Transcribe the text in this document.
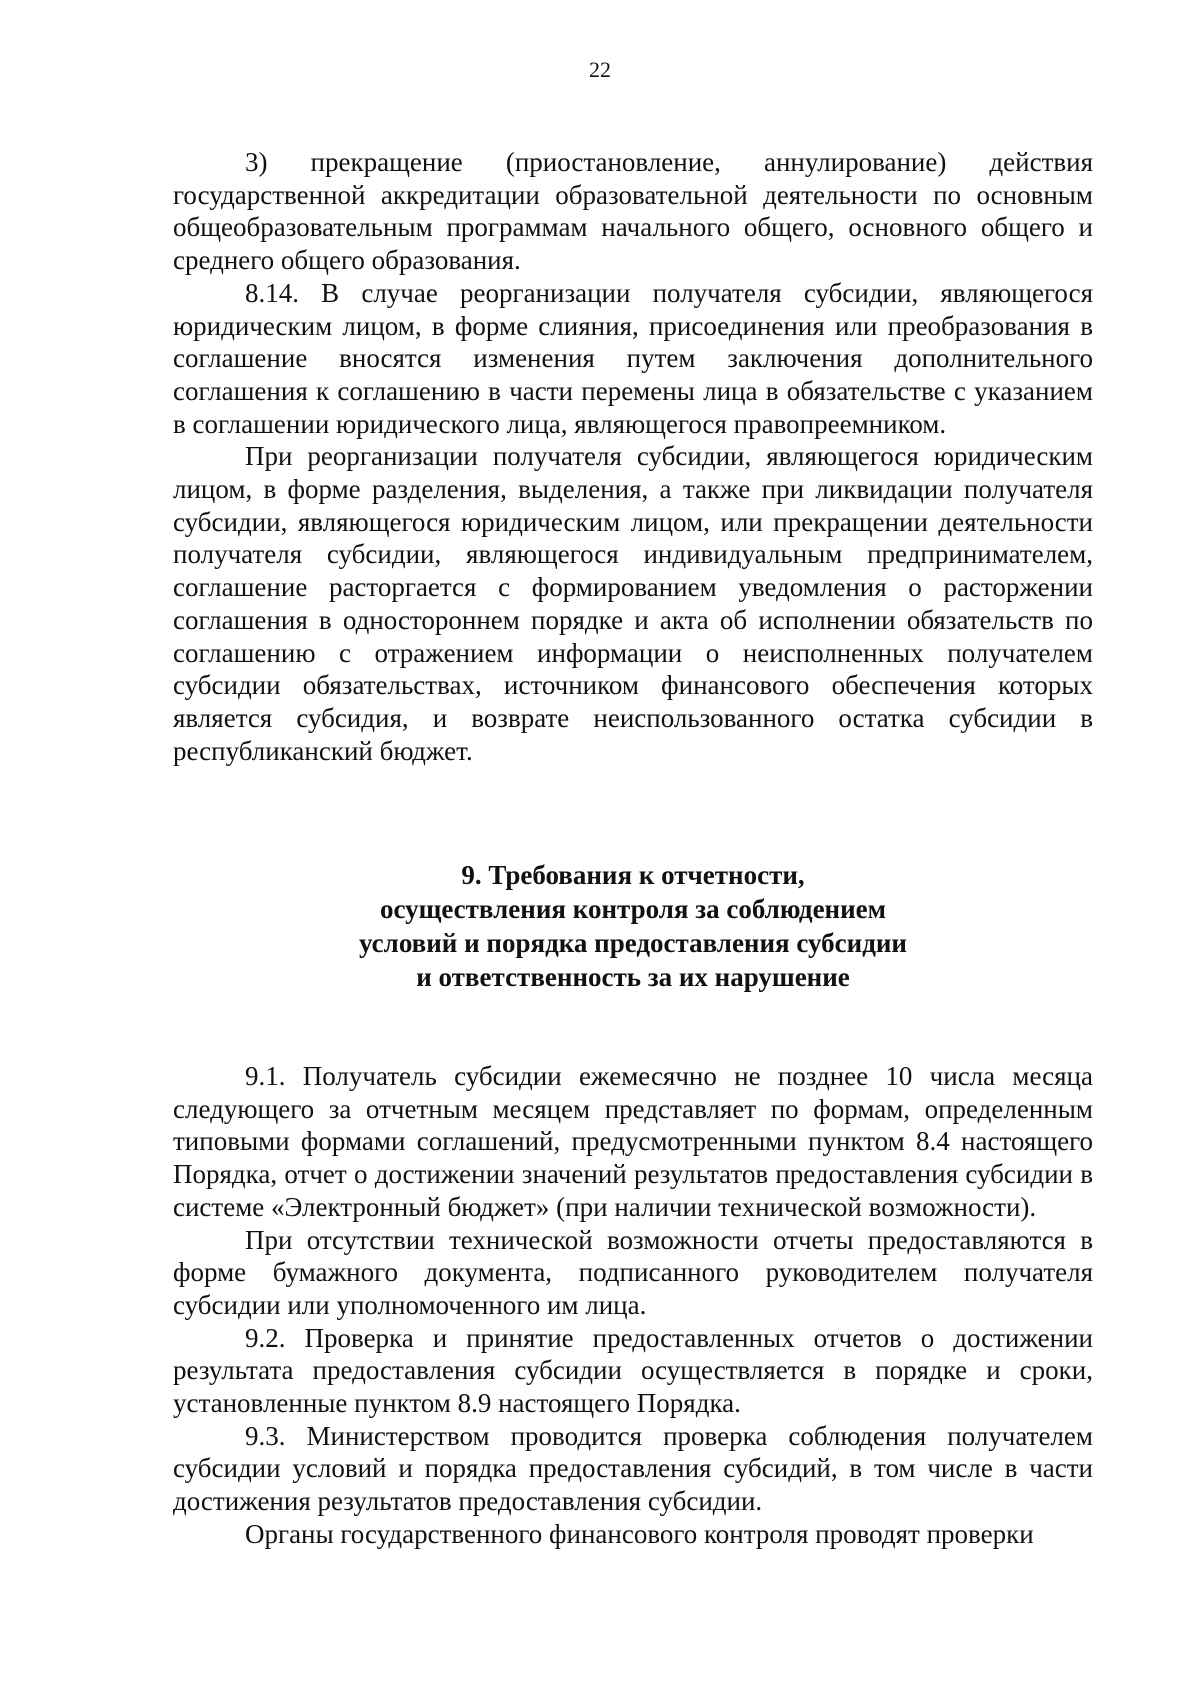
22

3) прекращение (приостановление, аннулирование) действия государственной аккредитации образовательной деятельности по основным общеобразовательным программам начального общего, основного общего и среднего общего образования.

8.14. В случае реорганизации получателя субсидии, являющегося юридическим лицом, в форме слияния, присоединения или преобразования в соглашение вносятся изменения путем заключения дополнительного соглашения к соглашению в части перемены лица в обязательстве с указанием в соглашении юридического лица, являющегося правопреемником.

При реорганизации получателя субсидии, являющегося юридическим лицом, в форме разделения, выделения, а также при ликвидации получателя субсидии, являющегося юридическим лицом, или прекращении деятельности получателя субсидии, являющегося индивидуальным предпринимателем, соглашение расторгается с формированием уведомления о расторжении соглашения в одностороннем порядке и акта об исполнении обязательств по соглашению с отражением информации о неисполненных получателем субсидии обязательствах, источником финансового обеспечения которых является субсидия, и возврате неиспользованного остатка субсидии в республиканский бюджет.

9. Требования к отчетности,
осуществления контроля за соблюдением
условий и порядка предоставления субсидии
и ответственность за их нарушение

9.1. Получатель субсидии ежемесячно не позднее 10 числа месяца следующего за отчетным месяцем представляет по формам, определенным типовыми формами соглашений, предусмотренными пунктом 8.4 настоящего Порядка, отчет о достижении значений результатов предоставления субсидии в системе «Электронный бюджет» (при наличии технической возможности).

При отсутствии технической возможности отчеты предоставляются в форме бумажного документа, подписанного руководителем получателя субсидии или уполномоченного им лица.

9.2. Проверка и принятие предоставленных отчетов о достижении результата предоставления субсидии осуществляется в порядке и сроки, установленные пунктом 8.9 настоящего Порядка.

9.3. Министерством проводится проверка соблюдения получателем субсидии условий и порядка предоставления субсидий, в том числе в части достижения результатов предоставления субсидии.

Органы государственного финансового контроля проводят проверки
